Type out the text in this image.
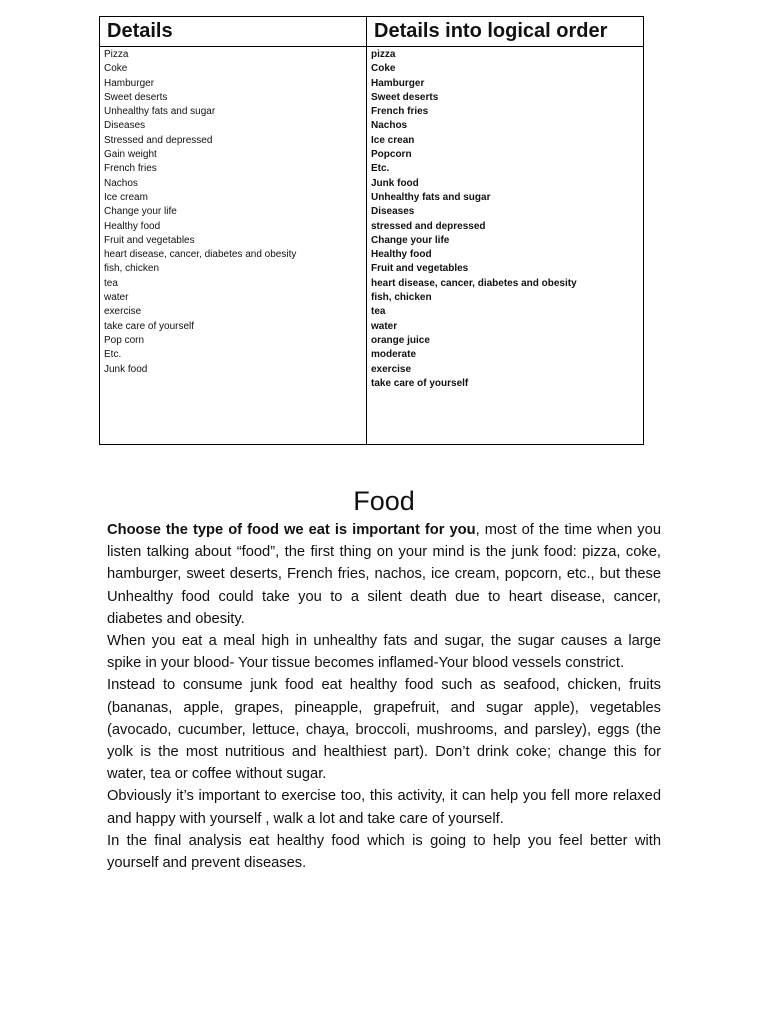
Details	Details into logical order
Pizza
Coke
Hamburger
Sweet deserts
Unhealthy fats and sugar
Diseases
Stressed and depressed
Gain weight
French fries
Nachos
Ice cream
Change your life
Healthy food
Fruit and vegetables
heart disease, cancer, diabetes and obesity
fish, chicken
tea
water
exercise
take care of yourself
Pop corn
Etc.
Junk food
pizza
Coke
Hamburger
Sweet deserts
French fries
Nachos
Ice crean
Popcorn
Etc.
Junk food
Unhealthy fats and sugar
Diseases
stressed and depressed
Change your life
Healthy food
Fruit and vegetables
heart disease, cancer, diabetes and obesity
fish, chicken
tea
water
orange juice
moderate
exercise
take care of yourself
Food

Choose the type of food we eat is important for you, most of the time when you listen talking about “food”, the first thing on your mind is the junk food: pizza, coke, hamburger, sweet deserts, French fries, nachos, ice cream, popcorn, etc., but these Unhealthy food could take you to a silent death due to heart disease, cancer, diabetes and obesity.

When you eat a meal high in unhealthy fats and sugar, the sugar causes a large spike in your blood- Your tissue becomes inflamed-Your blood vessels constrict.

Instead to consume junk food eat healthy food such as seafood, chicken, fruits (bananas, apple, grapes, pineapple, grapefruit, and sugar apple), vegetables (avocado, cucumber, lettuce, chaya, broccoli, mushrooms, and parsley), eggs (the yolk is the most nutritious and healthiest part). Don’t drink coke; change this for water, tea or coffee without sugar.

Obviously it’s important to exercise too, this activity, it can help you fell more relaxed and happy with yourself , walk a lot and take care of yourself.

In the final analysis eat healthy food which is going to help you feel better with yourself and prevent diseases.
